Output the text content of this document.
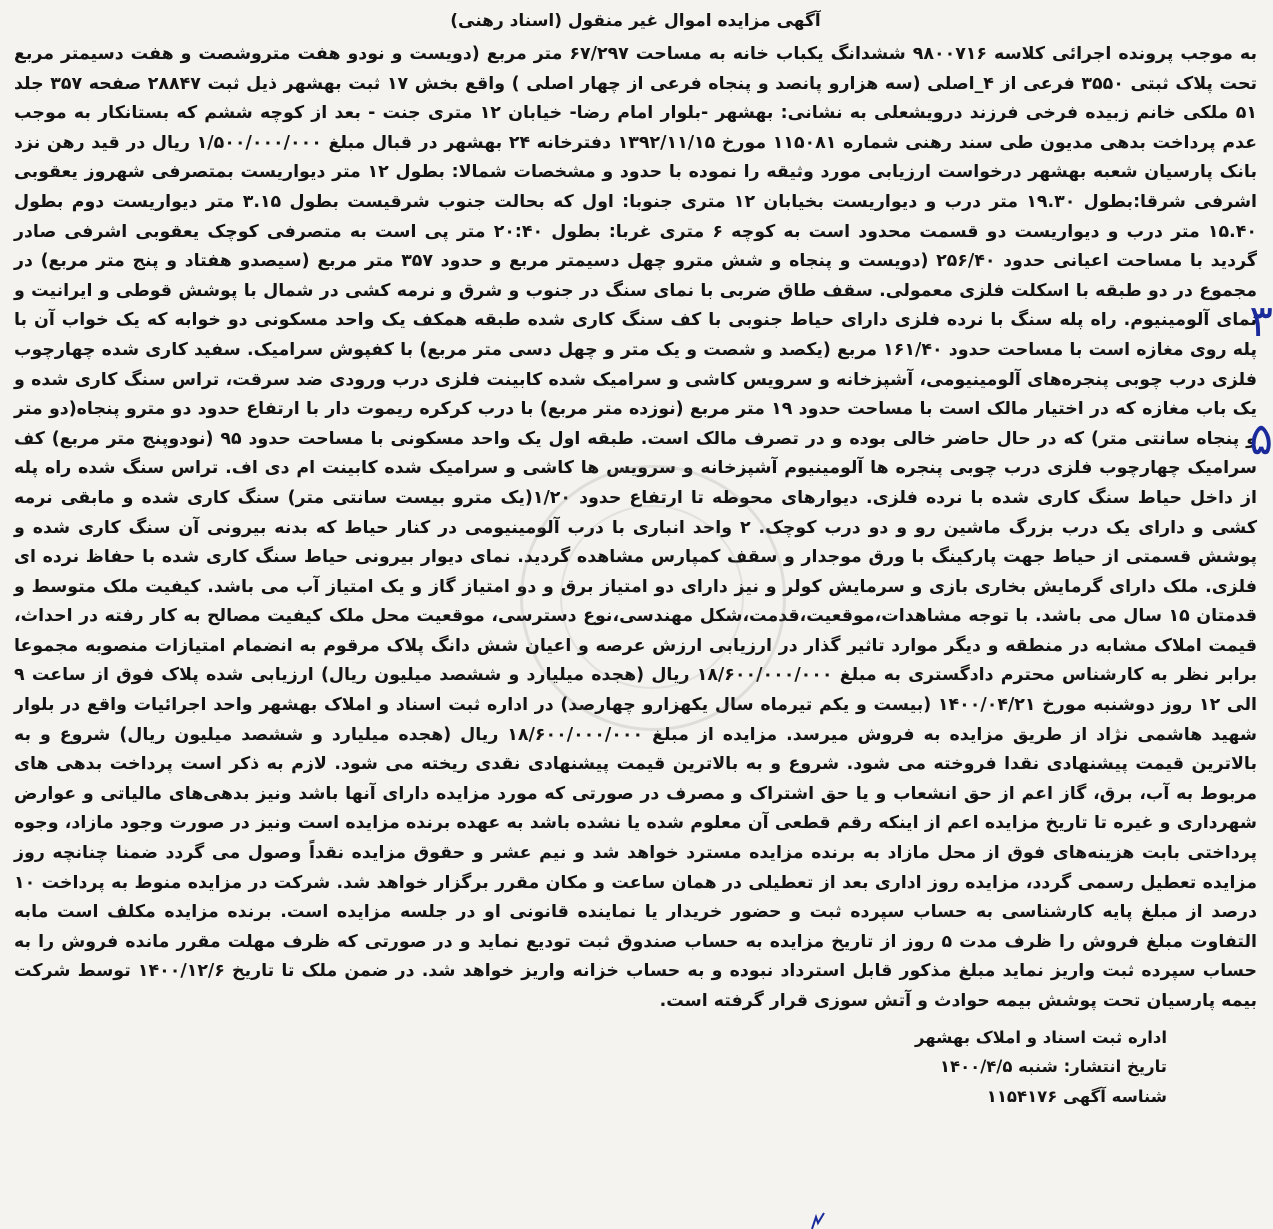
آگهی مزایده اموال غیر منقول (اسناد رهنی)

به موجب پرونده اجرائی کلاسه ۹۸۰۰۷۱۶ ششدانگ یکباب خانه به مساحت ۶۷/۲۹۷ متر مربع (دویست و نودو هفت متروشصت و هفت دسیمتر مربع تحت پلاک ثبتی ۳۵۵۰ فرعی از ۴_اصلی (سه هزارو پانصد و پنجاه فرعی از چهار اصلی ) واقع بخش ۱۷ ثبت بهشهر ذیل ثبت ۲۸۸۴۷ صفحه ۳۵۷ جلد ۵۱ ملکی خانم زبیده فرخی فرزند درویشعلی به نشانی: بهشهر -بلوار امام رضا- خیابان ۱۲ متری جنت - بعد از کوچه ششم که بستانکار به موجب عدم پرداخت بدهی مدیون طی سند رهنی شماره ۱۱۵۰۸۱ مورخ ۱۳۹۲/۱۱/۱۵ دفترخانه ۲۴ بهشهر در قبال مبلغ ۱/۵۰۰/۰۰۰/۰۰۰ ریال در قید رهن نزد بانک پارسیان شعبه بهشهر درخواست ارزیابی مورد وثیقه را نموده با حدود و مشخصات شمالا: بطول ۱۲ متر دیواریست بمتصرفی شهروز یعقوبی اشرفی شرقا:بطول ۱۹.۳۰ متر درب و دیواریست بخیابان ۱۲ متری جنوبا: اول که بحالت جنوب شرقیست بطول ۳.۱۵ متر دیواریست دوم بطول ۱۵.۴۰ متر درب و دیواریست دو قسمت محدود است به کوچه ۶ متری غربا: بطول ۲۰:۴۰ متر پی است به متصرفی کوچک یعقوبی اشرفی صادر گردید با مساحت اعیانی حدود ۲۵۶/۴۰ (دویست و پنجاه و شش مترو چهل دسیمتر مربع و حدود ۳۵۷ متر مربع (سیصدو هفتاد و پنج متر مربع) در مجموع در دو طبقه با اسکلت فلزی معمولی. سقف طاق ضربی با نمای سنگ در جنوب و شرق و نرمه کشی در شمال با پوشش قوطی و ایرانیت و نمای آلومینیوم. راه پله سنگ با نرده فلزی دارای حیاط جنوبی با کف سنگ کاری شده طبقه همکف یک واحد مسکونی دو خوابه که یک خواب آن با پله روی مغازه است با مساحت حدود ۱۶۱/۴۰ مربع (یکصد و شصت و یک متر و چهل دسی متر مربع) با کفپوش سرامیک. سفید کاری شده چهارچوب فلزی درب چوبی پنجره‌های آلومینیومی، آشپزخانه و سرویس کاشی و سرامیک شده کابینت فلزی درب ورودی ضد سرقت، تراس سنگ کاری شده و یک باب مغازه که در اختیار مالک است با مساحت حدود ۱۹ متر مربع (نوزده متر مربع) با درب کرکره ریموت دار با ارتفاع حدود دو مترو پنجاه(دو متر و پنجاه سانتی متر) که در حال حاضر خالی بوده و در تصرف مالک است. طبقه اول یک واحد مسکونی با مساحت حدود ۹۵ (نودوپنج متر مربع) کف سرامیک چهارچوب فلزی درب چوبی پنجره ها آلومینیوم آشپزخانه و سرویس ها کاشی و سرامیک شده کابینت ام دی اف. تراس سنگ شده راه پله از داخل حیاط سنگ کاری شده با نرده فلزی. دیوارهای محوطه تا ارتفاع حدود ۱/۲۰(یک مترو بیست سانتی متر) سنگ کاری شده و مابقی نرمه کشی و دارای یک درب بزرگ ماشین رو و دو درب کوچک. ۲ واحد انباری با درب آلومینیومی در کنار حیاط که بدنه بیرونی آن سنگ کاری شده و پوشش قسمتی از حیاط جهت پارکینگ با ورق موجدار و سقف کمپارس مشاهده گردید. نمای دیوار بیرونی حیاط سنگ کاری شده با حفاظ نرده ای فلزی. ملک دارای گرمایش بخاری بازی و سرمایش کولر و نیز دارای دو امتیاز برق و دو امتیاز گاز و یک امتیاز آب می باشد. کیفیت ملک متوسط و قدمتان ۱۵ سال می باشد. با توجه مشاهدات،موقعیت،قدمت،شکل مهندسی،نوع دسترسی، موقعیت محل ملک کیفیت مصالح به کار رفته در احداث، قیمت املاک مشابه در منطقه و دیگر موارد تاثیر گذار در ارزیابی ارزش عرصه و اعیان شش دانگ پلاک مرقوم به انضمام امتیازات منصوبه مجموعا برابر نظر به کارشناس محترم دادگستری به مبلغ ۱۸/۶۰۰/۰۰۰/۰۰۰ ریال (هجده میلیارد و ششصد میلیون ریال) ارزیابی شده پلاک فوق از ساعت ۹ الی ۱۲ روز دوشنبه مورخ ۱۴۰۰/۰۴/۲۱ (بیست و یکم تیرماه سال یکهزارو چهارصد) در اداره ثبت اسناد و املاک بهشهر واحد اجرائیات واقع در بلوار شهید هاشمی نژاد از طریق مزایده به فروش میرسد. مزایده از مبلغ ۱۸/۶۰۰/۰۰۰/۰۰۰ ریال (هجده میلیارد و ششصد میلیون ریال) شروع و به بالاترین قیمت پیشنهادی نقدا فروخته می شود. شروع و به بالاترین قیمت پیشنهادی نقدی ریخته می شود. لازم به ذکر است پرداخت بدهی های مربوط به آب، برق، گاز اعم از حق انشعاب و یا حق اشتراک و مصرف در صورتی که مورد مزایده دارای آنها باشد ونیز بدهی‌های مالیاتی و عوارض شهرداری و غیره تا تاریخ مزایده اعم از اینکه رقم قطعی آن معلوم شده یا نشده باشد به عهده برنده مزایده است ونیز در صورت وجود مازاد، وجوه پرداختی بابت هزینه‌های فوق از محل مازاد به برنده مزایده مسترد خواهد شد و نیم عشر و حقوق مزایده نقداً وصول می گردد ضمنا چنانچه روز مزایده تعطیل رسمی گردد، مزایده روز اداری بعد از تعطیلی در همان ساعت و مکان مقرر برگزار خواهد شد. شرکت در مزایده منوط به پرداخت ۱۰ درصد از مبلغ پایه کارشناسی به حساب سپرده ثبت و حضور خریدار یا نماینده قانونی او در جلسه مزایده است. برنده مزایده مکلف است مابه التفاوت مبلغ فروش را ظرف مدت ۵ روز از تاریخ مزایده به حساب صندوق ثبت تودیع نماید و در صورتی که ظرف مهلت مقرر مانده فروش را به حساب سپرده ثبت واریز نماید مبلغ مذکور قابل استرداد نبوده و به حساب خزانه واریز خواهد شد. در ضمن ملک تا تاریخ ۱۴۰۰/۱۲/۶ توسط شرکت بیمه پارسیان تحت پوشش بیمه حوادث و آتش سوزی قرار گرفته است.

اداره ثبت اسناد و املاک بهشهر
تاریخ انتشار: شنبه ۱۴۰۰/۴/۵
شناسه آگهی ۱۱۵۴۱۷۶
۳
۵
